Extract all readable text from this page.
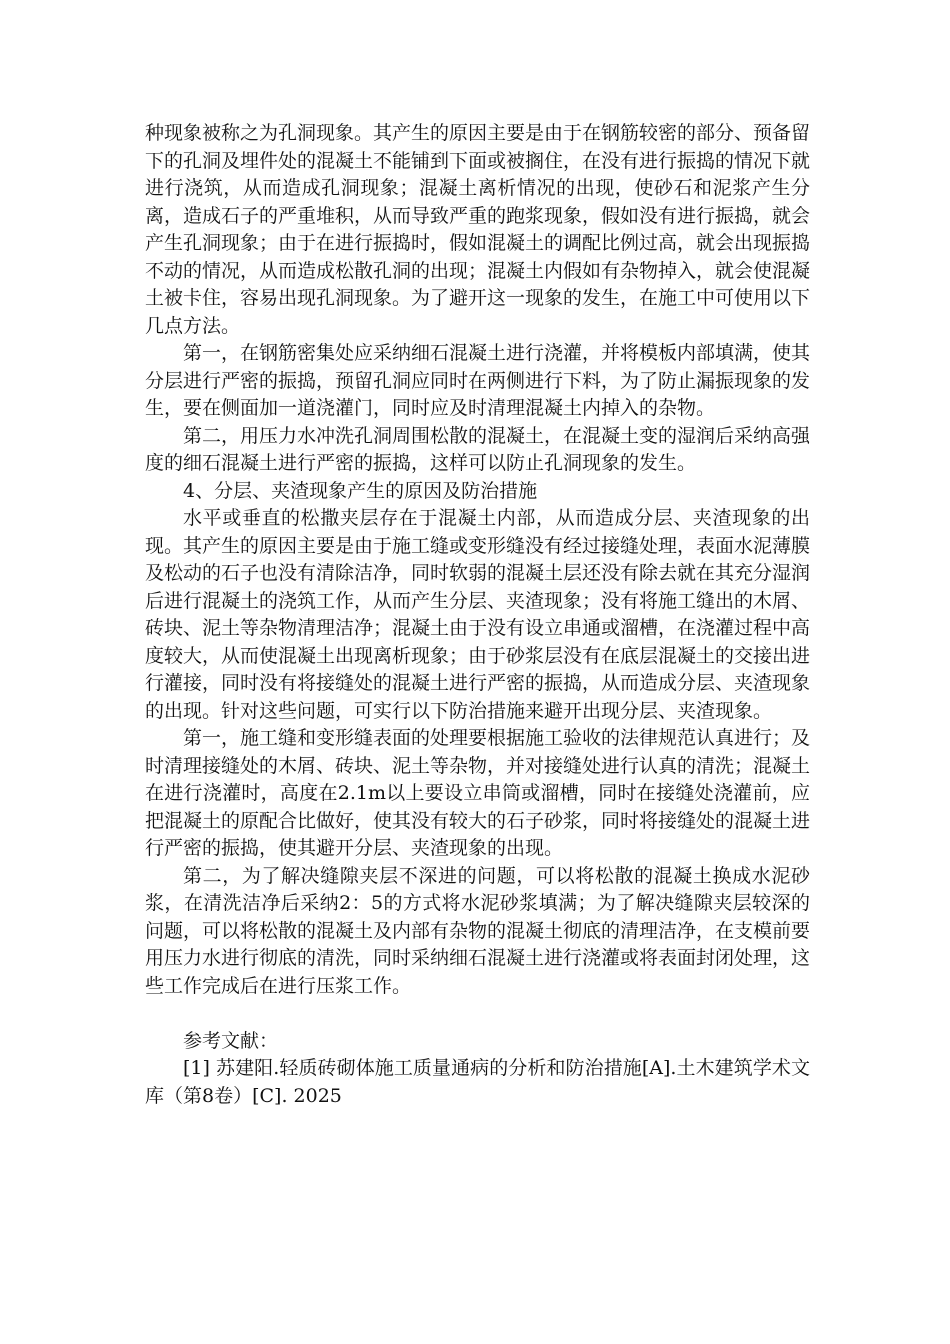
种现象被称之为孔洞现象。其产生的原因主要是由于在钢筋较密的部分、预备留下的孔洞及埋件处的混凝土不能铺到下面或被搁住，在没有进行振捣的情况下就进行浇筑，从而造成孔洞现象；混凝土离析情况的出现，使砂石和泥浆产生分离，造成石子的严重堆积，从而导致严重的跑浆现象，假如没有进行振捣，就会产生孔洞现象；由于在进行振捣时，假如混凝土的调配比例过高，就会出现振捣不动的情况，从而造成松散孔洞的出现；混凝土内假如有杂物掉入，就会使混凝土被卡住，容易出现孔洞现象。为了避开这一现象的发生，在施工中可使用以下几点方法。

第一，在钢筋密集处应采纳细石混凝土进行浇灌，并将模板内部填满，使其分层进行严密的振捣，预留孔洞应同时在两侧进行下料，为了防止漏振现象的发生，要在侧面加一道浇灌门，同时应及时清理混凝土内掉入的杂物。

第二，用压力水冲洗孔洞周围松散的混凝土，在混凝土变的湿润后采纳高强度的细石混凝土进行严密的振捣，这样可以防止孔洞现象的发生。

4、分层、夹渣现象产生的原因及防治措施

水平或垂直的松撒夹层存在于混凝土内部，从而造成分层、夹渣现象的出现。其产生的原因主要是由于施工缝或变形缝没有经过接缝处理，表面水泥薄膜及松动的石子也没有清除洁净，同时软弱的混凝土层还没有除去就在其充分湿润后进行混凝土的浇筑工作，从而产生分层、夹渣现象；没有将施工缝出的木屑、砖块、泥土等杂物清理洁净；混凝土由于没有设立串通或溜槽，在浇灌过程中高度较大，从而使混凝土出现离析现象；由于砂浆层没有在底层混凝土的交接出进行灌接，同时没有将接缝处的混凝土进行严密的振捣，从而造成分层、夹渣现象的出现。针对这些问题，可实行以下防治措施来避开出现分层、夹渣现象。

第一，施工缝和变形缝表面的处理要根据施工验收的法律规范认真进行；及时清理接缝处的木屑、砖块、泥土等杂物，并对接缝处进行认真的清洗；混凝土在进行浇灌时，高度在2.1m以上要设立串筒或溜槽，同时在接缝处浇灌前，应把混凝土的原配合比做好，使其没有较大的石子砂浆，同时将接缝处的混凝土进行严密的振捣，使其避开分层、夹渣现象的出现。

第二，为了解决缝隙夹层不深进的问题，可以将松散的混凝土换成水泥砂浆，在清洗洁净后采纳2：5的方式将水泥砂浆填满；为了解决缝隙夹层较深的问题，可以将松散的混凝土及内部有杂物的混凝土彻底的清理洁净，在支模前要用压力水进行彻底的清洗，同时采纳细石混凝土进行浇灌或将表面封闭处理，这些工作完成后在进行压浆工作。

参考文献：

[1] 苏建阳.轻质砖砌体施工质量通病的分析和防治措施[A].土木建筑学术文库（第8卷）[C]. 2025
